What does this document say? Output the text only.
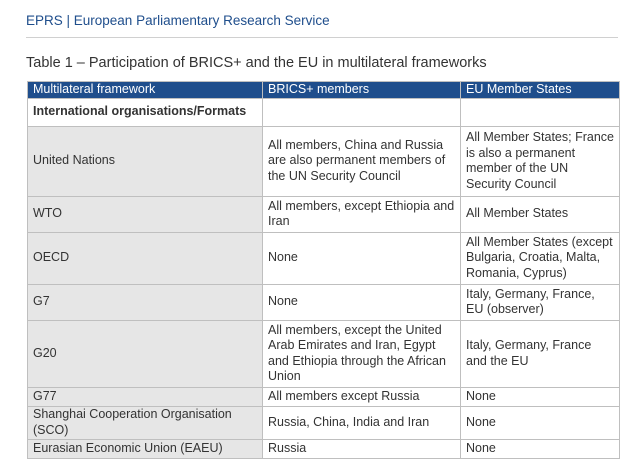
EPRS | European Parliamentary Research Service
Table 1 – Participation of BRICS+ and the EU in multilateral frameworks
Multilateral framework	BRICS+ members	EU Member States
International organisations/Formats		
United Nations	All members, China and Russia are also permanent members of the UN Security Council	All Member States; France is also a permanent member of the UN Security Council
WTO	All members, except Ethiopia and Iran	All Member States
OECD	None	All Member States (except Bulgaria, Croatia, Malta, Romania, Cyprus)
G7	None	Italy, Germany, France, EU (observer)
G20	All members, except the United Arab Emirates and Iran, Egypt and Ethiopia through the African Union	Italy, Germany, France and the EU
G77	All members except Russia	None
Shanghai Cooperation Organisation (SCO)	Russia, China, India and Iran	None
Eurasian Economic Union (EAEU)	Russia	None
